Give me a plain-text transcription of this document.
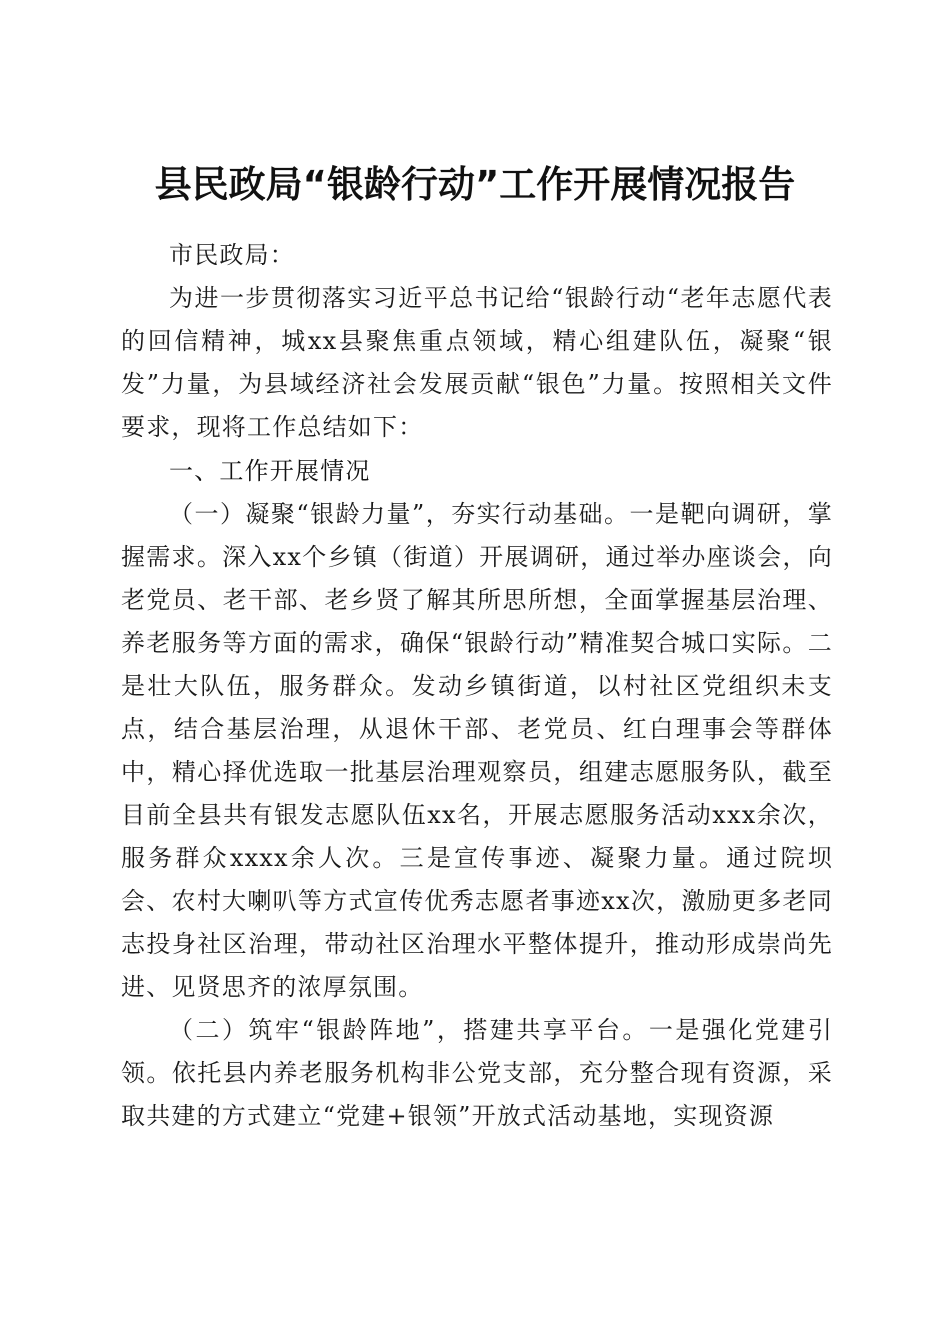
县民政局“银龄行动”工作开展情况报告

市民政局：

为进一步贯彻落实习近平总书记给“银龄行动“老年志愿代表的回信精神，城xx县聚焦重点领域，精心组建队伍，凝聚“银发”力量，为县域经济社会发展贡献“银色”力量。按照相关文件要求，现将工作总结如下：

一、工作开展情况

（一）凝聚“银龄力量”，夯实行动基础。一是靶向调研，掌握需求。深入xx个乡镇（街道）开展调研，通过举办座谈会，向老党员、老干部、老乡贤了解其所思所想，全面掌握基层治理、养老服务等方面的需求，确保“银龄行动”精准契合城口实际。二是壮大队伍，服务群众。发动乡镇街道，以村社区党组织未支点，结合基层治理，从退休干部、老党员、红白理事会等群体中，精心择优选取一批基层治理观察员，组建志愿服务队，截至目前全县共有银发志愿队伍xx名，开展志愿服务活动xxx余次，服务群众xxxx余人次。三是宣传事迹、凝聚力量。通过院坝会、农村大喇叭等方式宣传优秀志愿者事迹xx次，激励更多老同志投身社区治理，带动社区治理水平整体提升，推动形成崇尚先进、见贤思齐的浓厚氛围。

（二）筑牢“银龄阵地”，搭建共享平台。一是强化党建引领。依托县内养老服务机构非公党支部，充分整合现有资源，采取共建的方式建立“党建+银领”开放式活动基地，实现资源
